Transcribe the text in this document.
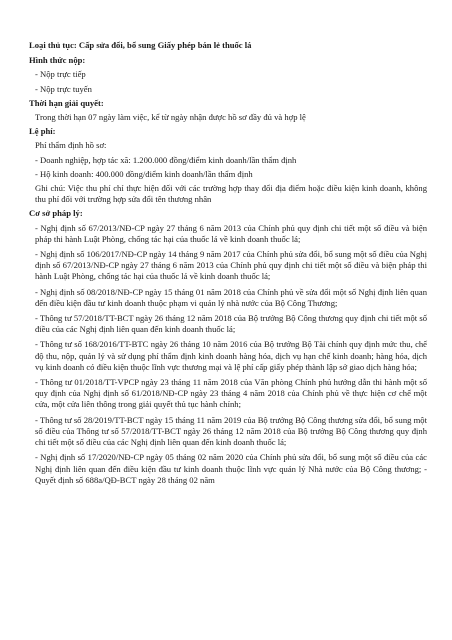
Loại thủ tục: Cấp sửa đổi, bổ sung Giấy phép bán lẻ thuốc lá
Hình thức nộp:
- Nộp trực tiếp
- Nộp trực tuyến
Thời hạn giải quyết:
Trong thời hạn 07 ngày làm việc, kể từ ngày nhận được hồ sơ đầy đủ và hợp lệ
Lệ phí:
Phí thẩm định hồ sơ:
- Doanh nghiệp, hợp tác xã: 1.200.000 đồng/điểm kinh doanh/lần thẩm định
- Hộ kinh doanh: 400.000 đồng/điểm kinh doanh/lần thẩm định
Ghi chú: Việc thu phí chỉ thực hiện đối với các trường hợp thay đổi địa điểm hoặc điều kiện kinh doanh, không thu phí đối với trường hợp sửa đổi tên thương nhân
Cơ sở pháp lý:
- Nghị định số 67/2013/NĐ-CP ngày 27 tháng 6 năm 2013 của Chính phủ quy định chi tiết một số điều và biện pháp thi hành Luật Phòng, chống tác hại của thuốc lá về kinh doanh thuốc lá;
- Nghị định số 106/2017/NĐ-CP ngày 14 tháng 9 năm 2017 của Chính phủ sửa đổi, bổ sung một số điều của Nghị định số 67/2013/NĐ-CP ngày 27 tháng 6 năm 2013 của Chính phủ quy định chi tiết một số điều và biện pháp thi hành Luật Phòng, chống tác hại của thuốc lá về kinh doanh thuốc lá;
- Nghị định số 08/2018/NĐ-CP ngày 15 tháng 01 năm 2018 của Chính phủ về sửa đổi một số Nghị định liên quan đến điều kiện đầu tư kinh doanh thuộc phạm vi quản lý nhà nước của Bộ Công Thương;
- Thông tư 57/2018/TT-BCT ngày 26 tháng 12 năm 2018 của Bộ trưởng Bộ Công thương quy định chi tiết một số điều của các Nghị định liên quan đến kinh doanh thuốc lá;
- Thông tư số 168/2016/TT-BTC ngày 26 tháng 10 năm 2016 của Bộ trưởng Bộ Tài chính quy định mức thu, chế độ thu, nộp, quản lý và sử dụng phí thẩm định kinh doanh hàng hóa, dịch vụ hạn chế kinh doanh; hàng hóa, dịch vụ kinh doanh có điều kiện thuộc lĩnh vực thương mại và lệ phí cấp giấy phép thành lập sở giao dịch hàng hóa;
- Thông tư 01/2018/TT-VPCP ngày 23 tháng 11 năm 2018 của Văn phòng Chính phủ hướng dẫn thi hành một số quy định của Nghị định số 61/2018/NĐ-CP ngày 23 tháng 4 năm 2018 của Chính phủ về thực hiện cơ chế một cửa, một cửa liên thông trong giải quyết thủ tục hành chính;
- Thông tư số 28/2019/TT-BCT ngày 15 tháng 11 năm 2019 của Bộ trưởng Bộ Công thương sửa đổi, bổ sung một số điều của Thông tư số 57/2018/TT-BCT ngày 26 tháng 12 năm 2018 của Bộ trưởng Bộ Công thương quy định chi tiết một số điều của các Nghị định liên quan đến kinh doanh thuốc lá;
- Nghị định số 17/2020/NĐ-CP ngày 05 tháng 02 năm 2020 của Chính phủ sửa đổi, bổ sung một số điều của các Nghị định liên quan đến điều kiện đầu tư kinh doanh thuộc lĩnh vực quản lý Nhà nước của Bộ Công thương; - Quyết định số 688a/QĐ-BCT ngày 28 tháng 02 năm
